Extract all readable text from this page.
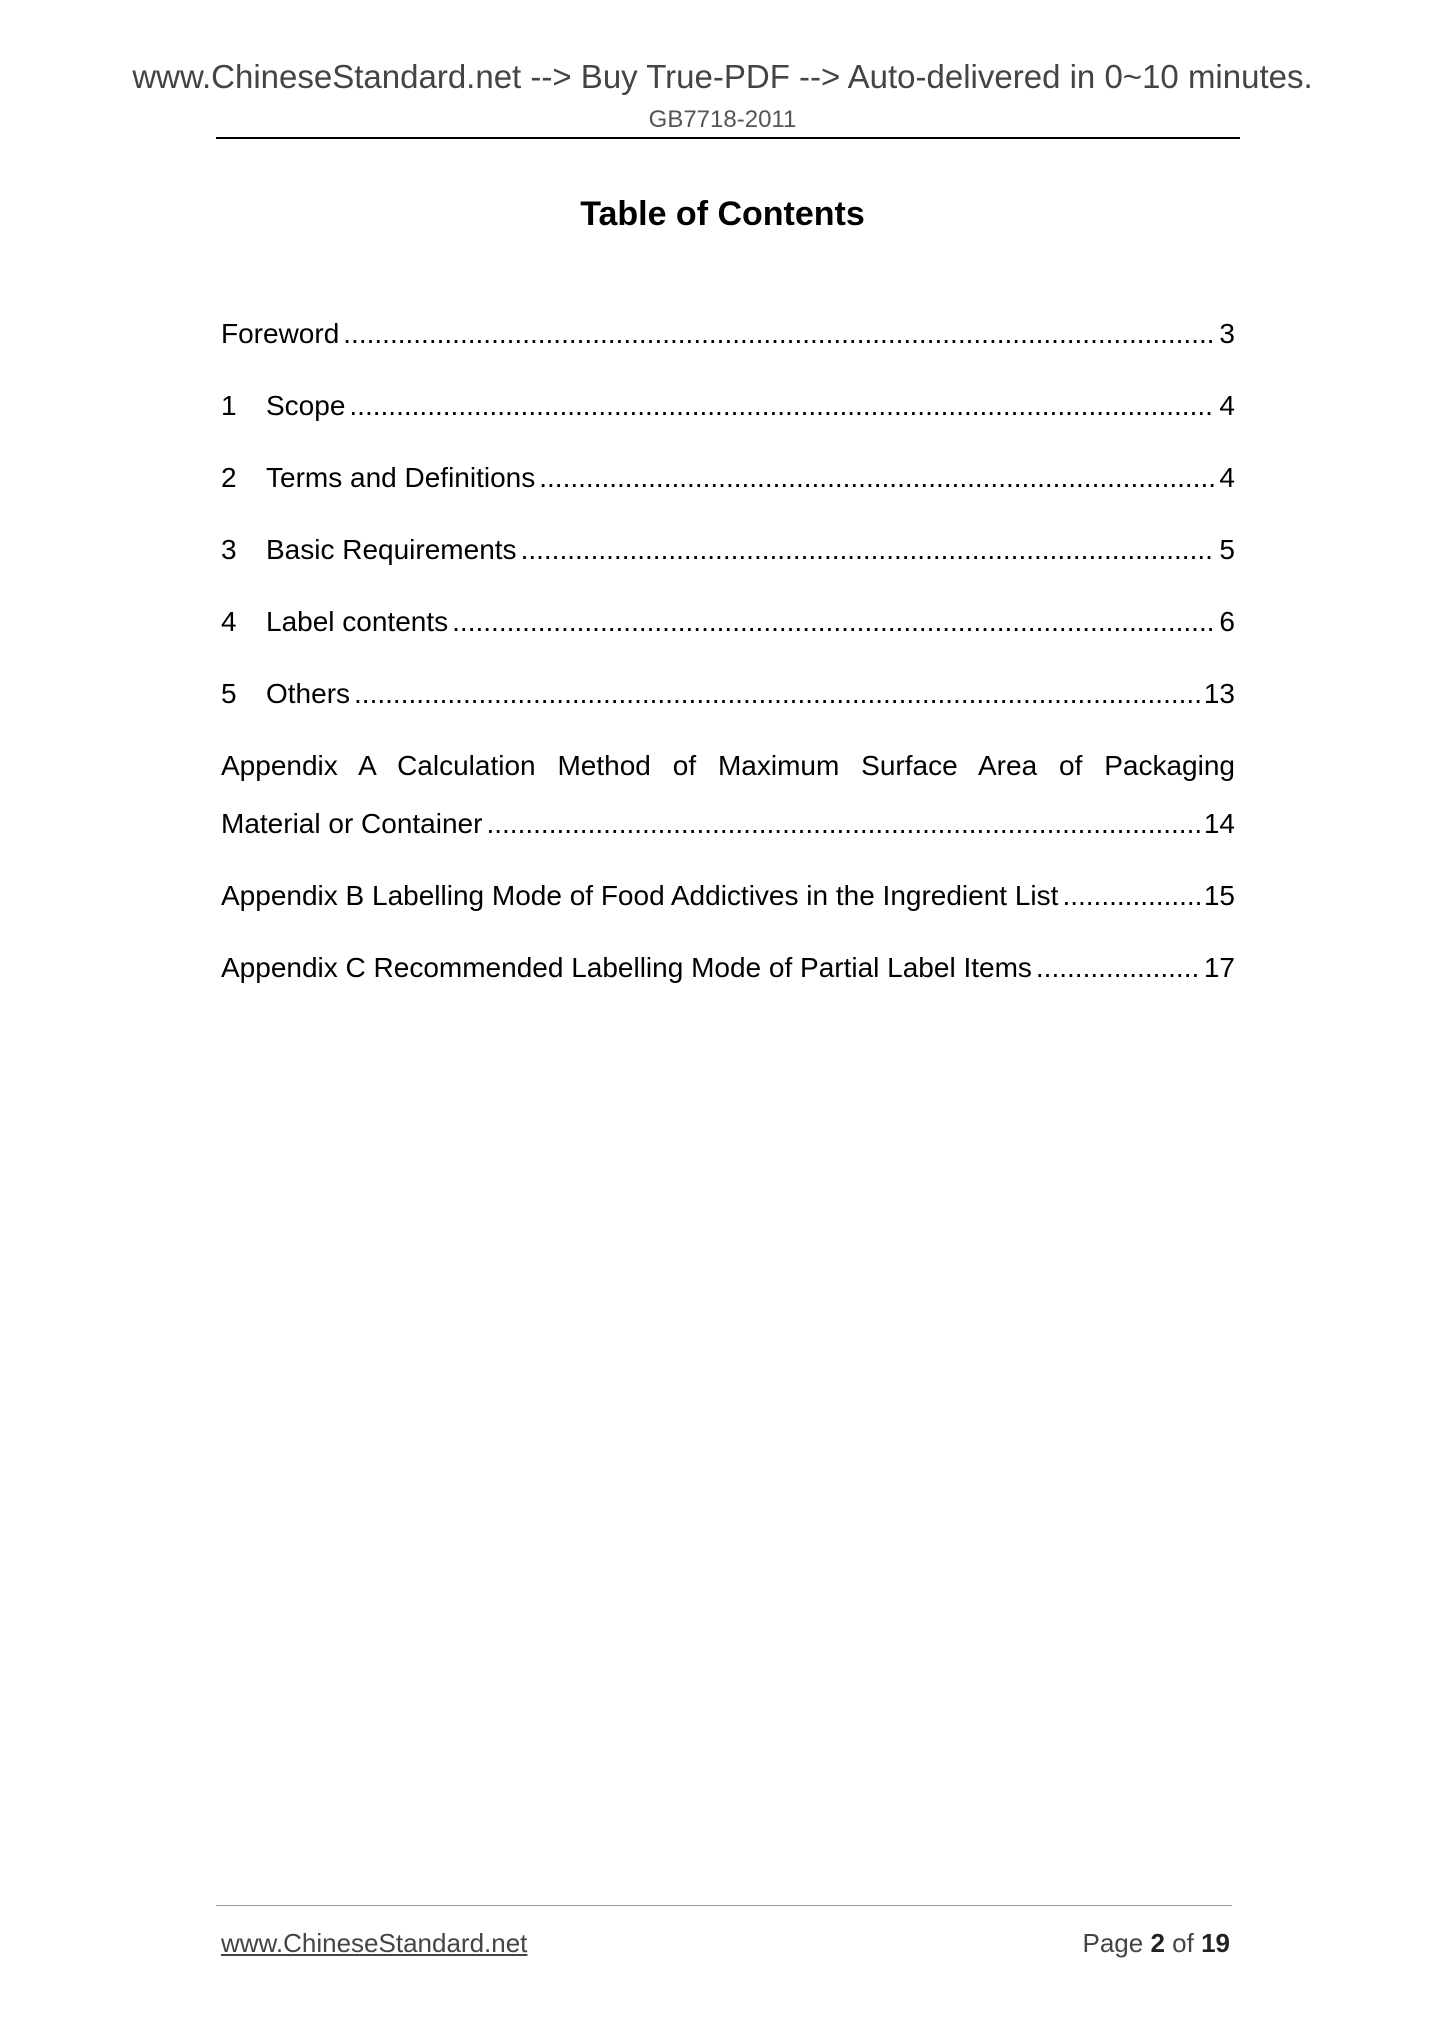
www.ChineseStandard.net --> Buy True-PDF --> Auto-delivered in 0~10 minutes.
GB7718-2011
Table of Contents
Foreword .....	3
1	Scope .....	4
2	Terms and Definitions .....	4
3	Basic Requirements .....	5
4	Label contents .....	6
5	Others .....	13
Appendix A Calculation Method of Maximum Surface Area of Packaging
Material or Container .....	14
Appendix B Labelling Mode of Food Addictives in the Ingredient List .....	15
Appendix C Recommended Labelling Mode of Partial Label Items .....	17
www.ChineseStandard.net	Page 2 of 19
